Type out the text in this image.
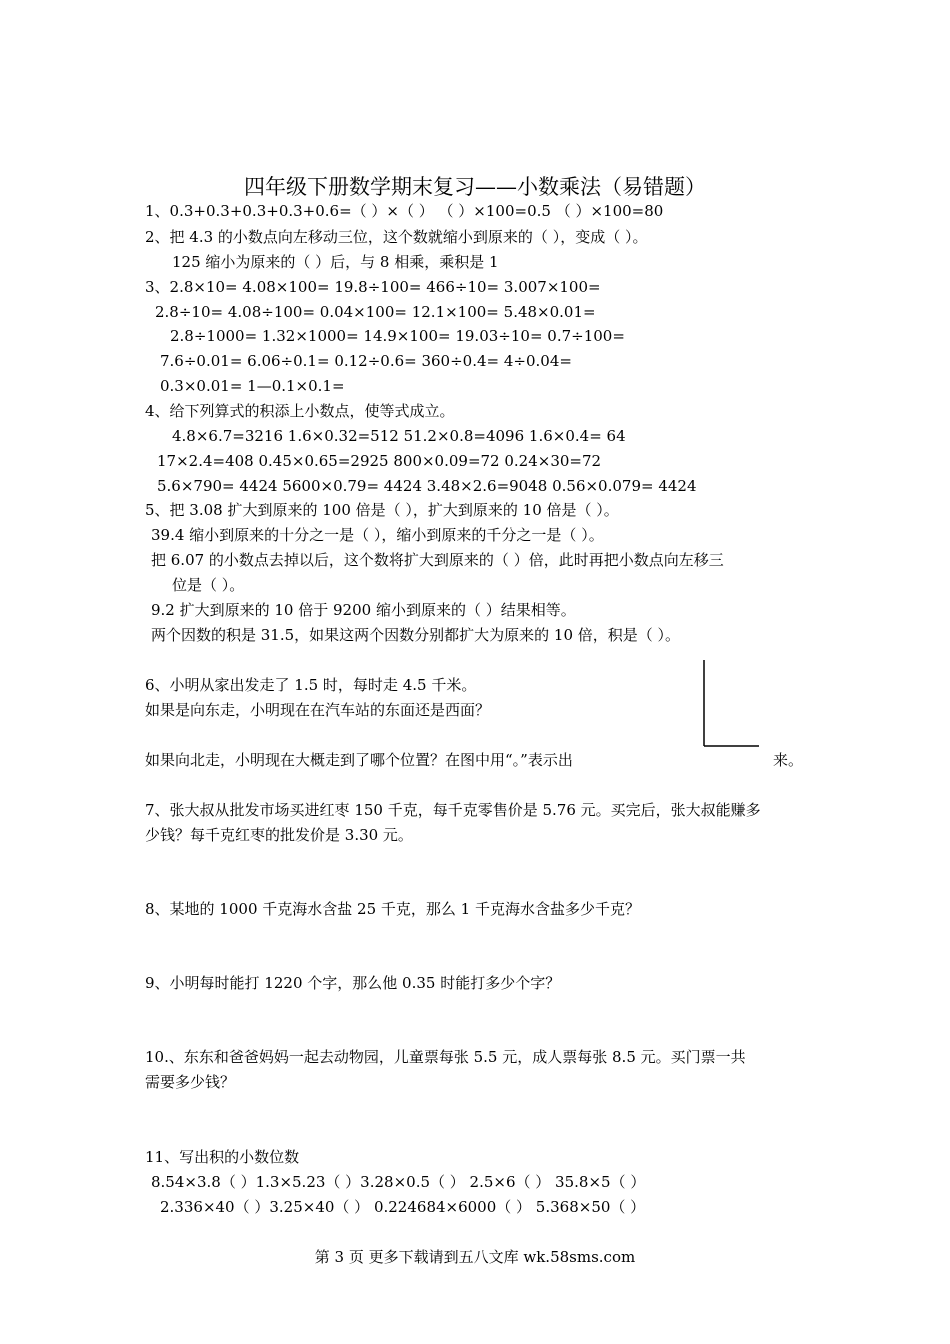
四年级下册数学期末复习——小数乘法（易错题）
1、0.3+0.3+0.3+0.3+0.6=（ ）×（ ） （ ）×100=0.5 （ ）×100=80
2、把 4.3 的小数点向左移动三位，这个数就缩小到原来的（ ），变成（ ）。
125 缩小为原来的（ ）后，与 8 相乘，乘积是 1
3、2.8×10= 4.08×100= 19.8÷100= 466÷10= 3.007×100=
2.8÷10= 4.08÷100= 0.04×100= 12.1×100= 5.48×0.01=
2.8÷1000= 1.32×1000= 14.9×100= 19.03÷10= 0.7÷100=
7.6÷0.01= 6.06÷0.1= 0.12÷0.6= 360÷0.4= 4÷0.04=
0.3×0.01= 1—0.1×0.1=
4、给下列算式的积添上小数点，使等式成立。
4.8×6.7=3216 1.6×0.32=512 51.2×0.8=4096 1.6×0.4= 64
17×2.4=408 0.45×0.65=2925 800×0.09=72 0.24×30=72
5.6×790= 4424 5600×0.79= 4424 3.48×2.6=9048 0.56×0.079= 4424
5、把 3.08 扩大到原来的 100 倍是（ ），扩大到原来的 10 倍是（ ）。
39.4 缩小到原来的十分之一是（ ），缩小到原来的千分之一是（ ）。
把 6.07 的小数点去掉以后，这个数将扩大到原来的（ ）倍，此时再把小数点向左移三
位是（ ）。
9.2 扩大到原来的 10 倍于 9200 缩小到原来的（ ）结果相等。
两个因数的积是 31.5，如果这两个因数分别都扩大为原来的 10 倍，积是（ ）。
6、小明从家出发走了 1.5 时，每时走 4.5 千米。
如果是向东走，小明现在在汽车站的东面还是西面？
如果向北走，小明现在大概走到了哪个位置？在图中用“。”表示出	来。
7、张大叔从批发市场买进红枣 150 千克，每千克零售价是 5.76 元。买完后，张大叔能赚多
少钱？每千克红枣的批发价是 3.30 元。
8、某地的 1000 千克海水含盐 25 千克，那么 1 千克海水含盐多少千克？
9、小明每时能打 1220 个字，那么他 0.35 时能打多少个字？
10.、东东和爸爸妈妈一起去动物园，儿童票每张 5.5 元，成人票每张 8.5 元。买门票一共
需要多少钱？
11、写出积的小数位数
8.54×3.8（ ）1.3×5.23（ ）3.28×0.5（ ） 2.5×6（ ） 35.8×5（ ）
2.336×40（ ）3.25×40（ ） 0.224684×6000（ ） 5.368×50（ ）
第 3 页 更多下载请到五八文库 wk.58sms.com
